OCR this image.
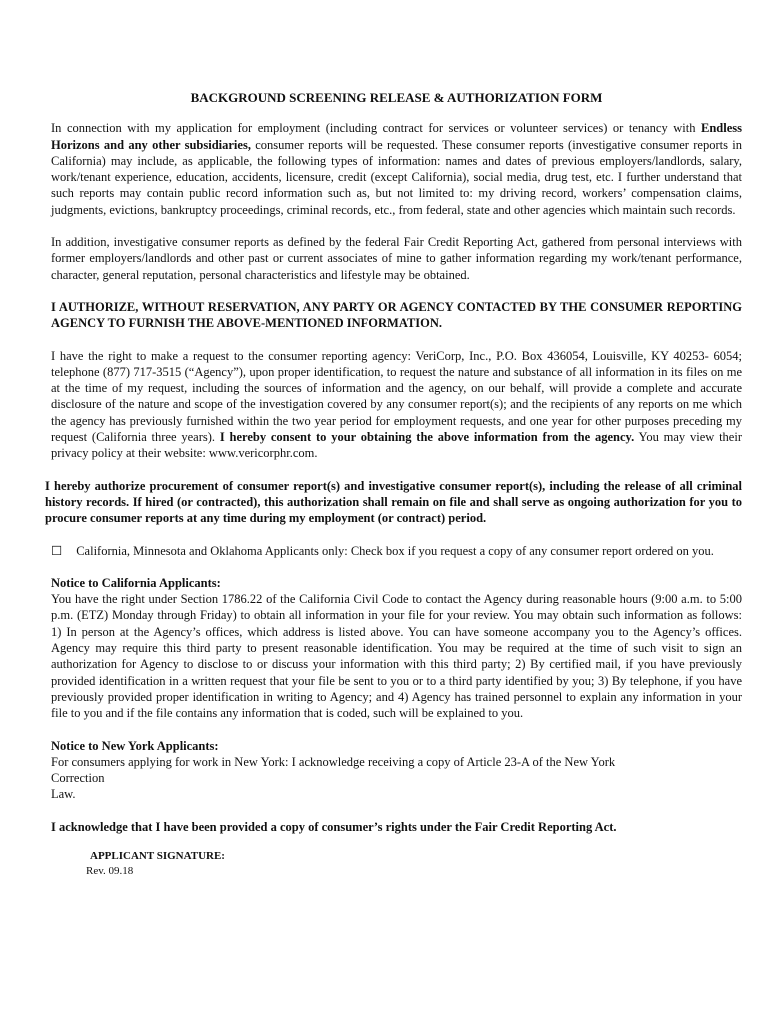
BACKGROUND SCREENING RELEASE & AUTHORIZATION FORM

In connection with my application for employment (including contract for services or volunteer services) or tenancy with Endless Horizons and any other subsidiaries, consumer reports will be requested. These consumer reports (investigative consumer reports in California) may include, as applicable, the following types of information: names and dates of previous employers/landlords, salary, work/tenant experience, education, accidents, licensure, credit (except California), social media, drug test, etc. I further understand that such reports may contain public record information such as, but not limited to: my driving record, workers’ compensation claims, judgments, evictions, bankruptcy proceedings, criminal records, etc., from federal, state and other agencies which maintain such records.

In addition, investigative consumer reports as defined by the federal Fair Credit Reporting Act, gathered from personal interviews with former employers/landlords and other past or current associates of mine to gather information regarding my work/tenant performance, character, general reputation, personal characteristics and lifestyle may be obtained.

I AUTHORIZE, WITHOUT RESERVATION, ANY PARTY OR AGENCY CONTACTED BY THE CONSUMER REPORTING AGENCY TO FURNISH THE ABOVE-MENTIONED INFORMATION.

I have the right to make a request to the consumer reporting agency: VeriCorp, Inc., P.O. Box 436054, Louisville, KY 40253- 6054; telephone (877) 717-3515 (“Agency”), upon proper identification, to request the nature and substance of all information in its files on me at the time of my request, including the sources of information and the agency, on our behalf, will provide a complete and accurate disclosure of the nature and scope of the investigation covered by any consumer report(s); and the recipients of any reports on me which the agency has previously furnished within the two year period for employment requests, and one year for other purposes preceding my request (California three years). I hereby consent to your obtaining the above information from the agency. You may view their privacy policy at their website: www.vericorphr.com.

I hereby authorize procurement of consumer report(s) and investigative consumer report(s), including the release of all criminal history records. If hired (or contracted), this authorization shall remain on file and shall serve as ongoing authorization for you to procure consumer reports at any time during my employment (or contract) period.

☐ California, Minnesota and Oklahoma Applicants only: Check box if you request a copy of any consumer report ordered on you.

Notice to California Applicants:

You have the right under Section 1786.22 of the California Civil Code to contact the Agency during reasonable hours (9:00 a.m. to 5:00 p.m. (ETZ) Monday through Friday) to obtain all information in your file for your review. You may obtain such information as follows: 1) In person at the Agency’s offices, which address is listed above. You can have someone accompany you to the Agency’s offices. Agency may require this third party to present reasonable identification. You may be required at the time of such visit to sign an authorization for Agency to disclose to or discuss your information with this third party; 2) By certified mail, if you have previously provided identification in a written request that your file be sent to you or to a third party identified by you; 3) By telephone, if you have previously provided proper identification in writing to Agency; and 4) Agency has trained personnel to explain any information in your file to you and if the file contains any information that is coded, such will be explained to you.

Notice to New York Applicants:

For consumers applying for work in New York: I acknowledge receiving a copy of Article 23-A of the New York

Correction
Law.
I acknowledge that I have been provided a copy of consumer’s rights under the Fair Credit Reporting Act.
APPLICANT SIGNATURE:
Rev. 09.18
